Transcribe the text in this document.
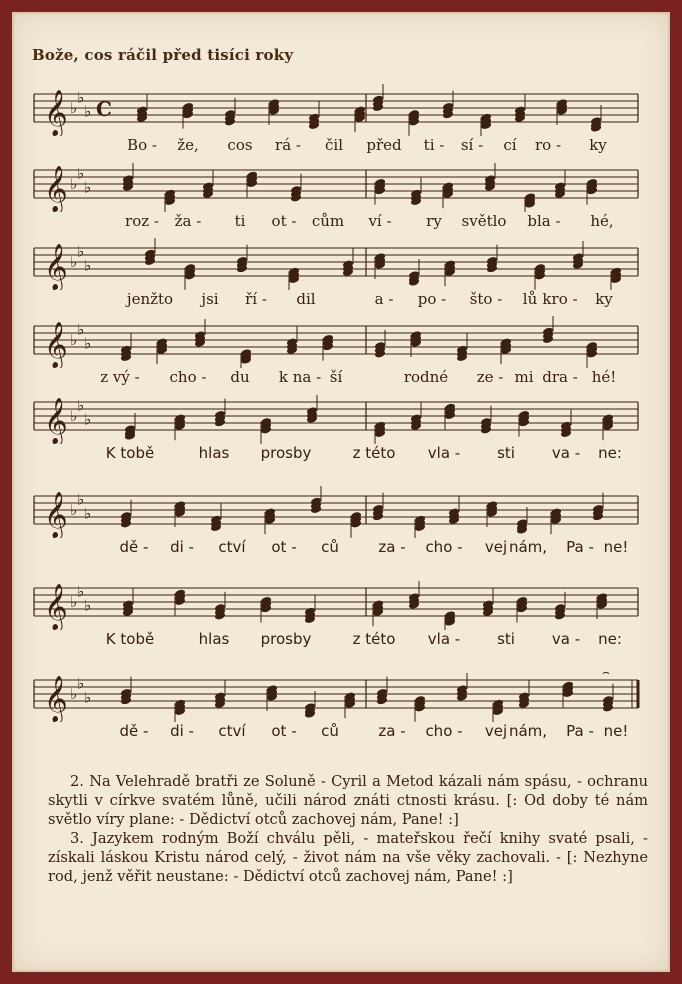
Bože, cos ráčil před tisíci roky
𝄞 ♭
♭
♭ C
Bo - že, cos rá - čil před ti - sí - cí ro - ky
𝄞 ♭
♭
♭
roz - ža - ti ot - cům ví - ry světlo bla - hé,
𝄞 ♭
♭
♭
jenžto jsi ří - dil	a - po - što - lů kro - ky
𝄞 ♭
♭
♭
z vý - cho - du k na - ší	rodné ze - mi dra - hé!
𝄞 ♭
♭
♭
K tobě	hlas prosby	z této vla - sti va - ne:
𝄞 ♭
♭
♭
dě - di - ctví ot - ců	za - cho - vej nám, Pa - ne!
𝄞 ♭
♭
♭
K tobě	hlas prosby	z této vla - sti va - ne:
𝄞 ♭
♭
♭
⌢
dě - di - ctví ot - ců	za - cho - vej nám, Pa - ne!

2. Na Velehradě bratři ze Soluně - Cyril a Metod kázali nám spásu, - ochranu skytli v církve svatém lůně, učili národ znáti ctnosti krásu. [: Od doby té nám světlo víry plane: - Dědictví otců zachovej nám, Pane! :]

3. Jazykem rodným Boží chválu pěli, - mateřskou řečí knihy svaté psali, - získali láskou Kristu národ celý, - život nám na vše věky zachovali. - [: Nezhyne rod, jenž věřit neustane: - Dědictví otců zachovej nám, Pane! :]
